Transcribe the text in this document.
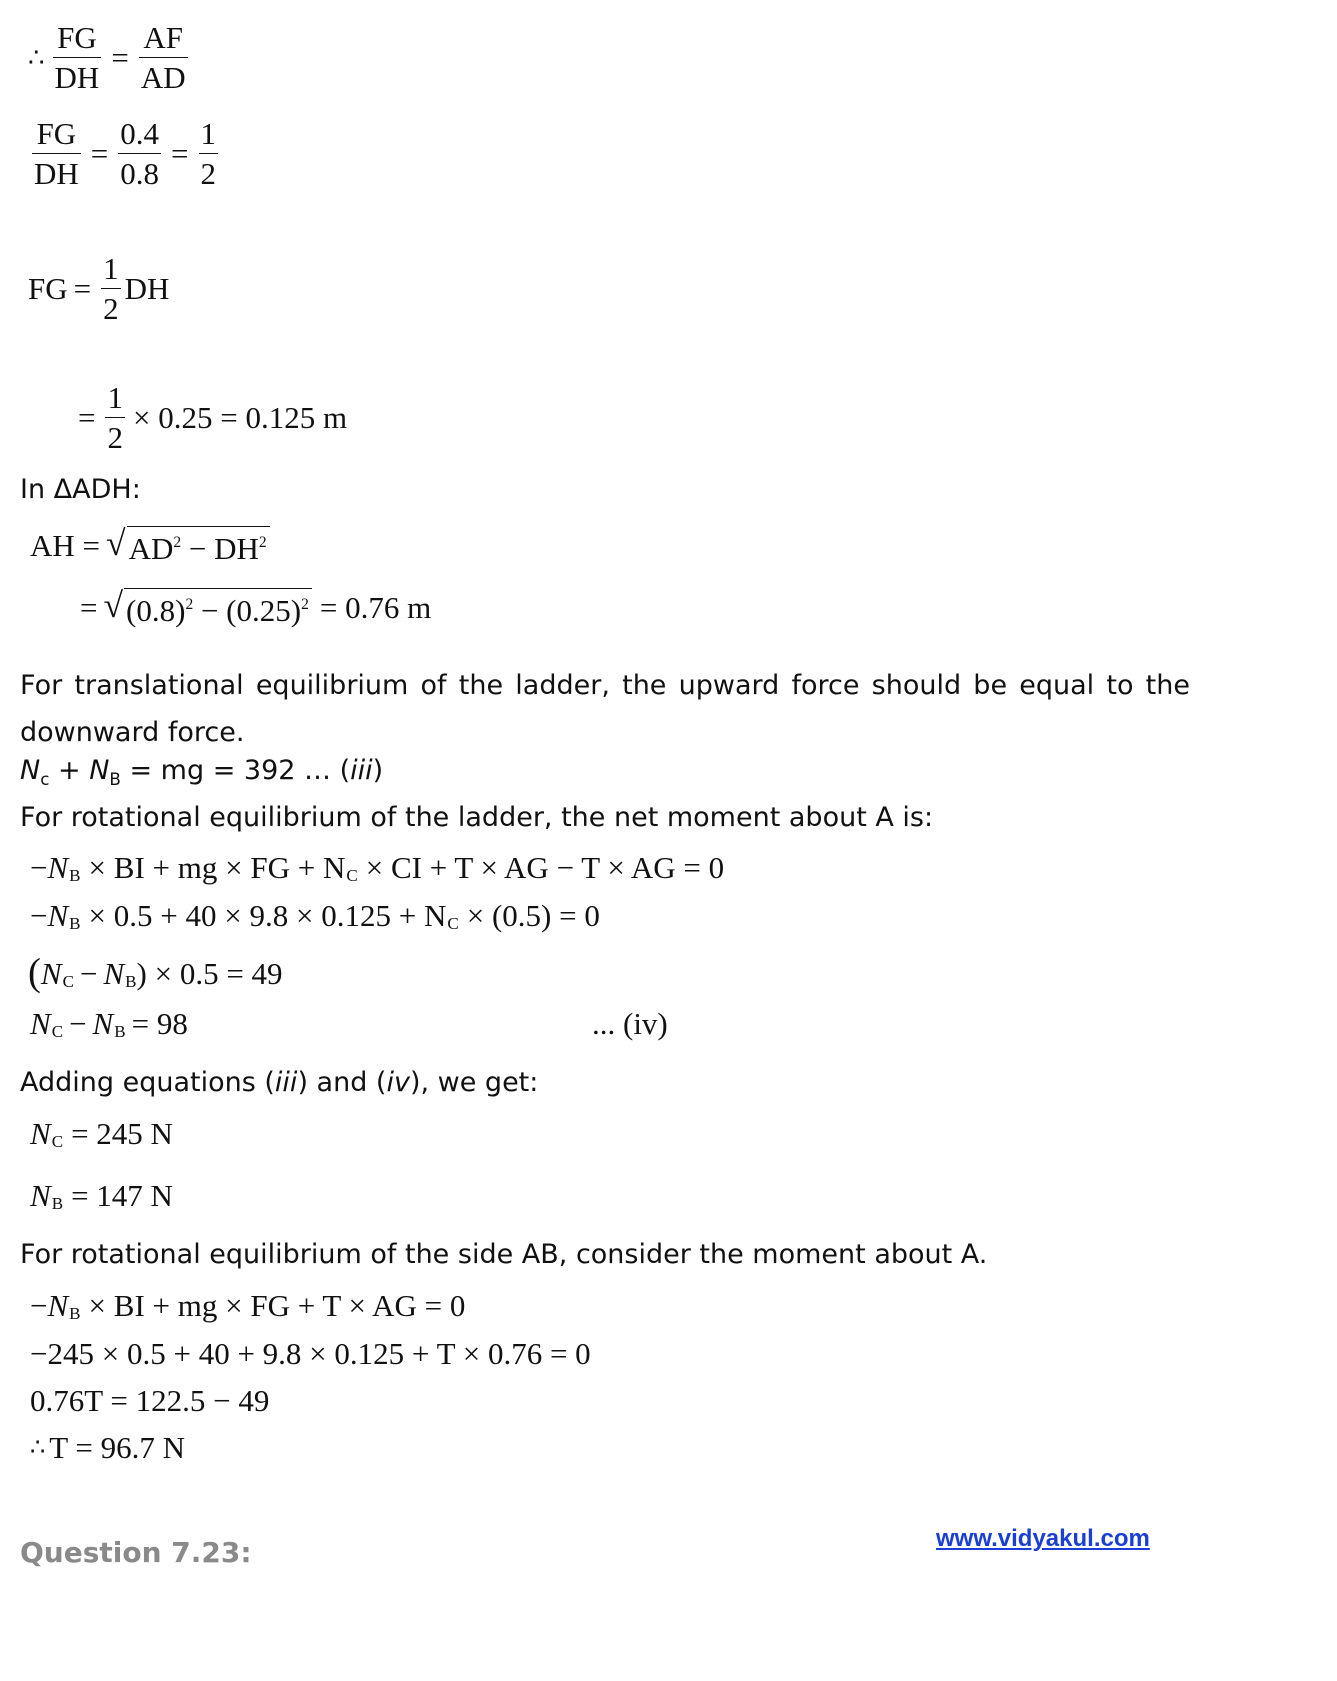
∴ $\frac{FG}{DH} = \frac{AF}{AD}$
$\frac{FG}{DH} = \frac{0.4}{0.8} = \frac{1}{2}$
FG = $\frac{1}{2}$ DH
= $\frac{1}{2} \times 0.25 = 0.125$ m
In ΔADH:
AH = √ $AD^2 - DH^2$
= √ $(0.8)^2 - (0.25)^2 = 0.76$ m
For translational equilibrium of the ladder, the upward force should be equal to the downward force.
$N_c + N_B$ = mg = 392 … (iii)
For rotational equilibrium of the ladder, the net moment about A is:
− N B × BI + mg × FG + N C × CI + T × AG − T × AG = 0
− N B × 0.5 + 40 × 9.8 × 0.125 + N C × (0.5) = 0
( N C − N B ) × 0.5 = 49
N C − N B = 98	... (iv)
Adding equations (iii) and (iv), we get:
N C = 245 N
N B = 147 N
For rotational equilibrium of the side AB, consider the moment about A.
− N B × BI + mg × FG + T × AG = 0
−245 × 0.5 + 40 + 9.8 × 0.125 + T × 0.76 = 0
0.76T = 122.5 − 49
∴ T = 96.7 N
Question 7.23:	www.vidyakul.com
